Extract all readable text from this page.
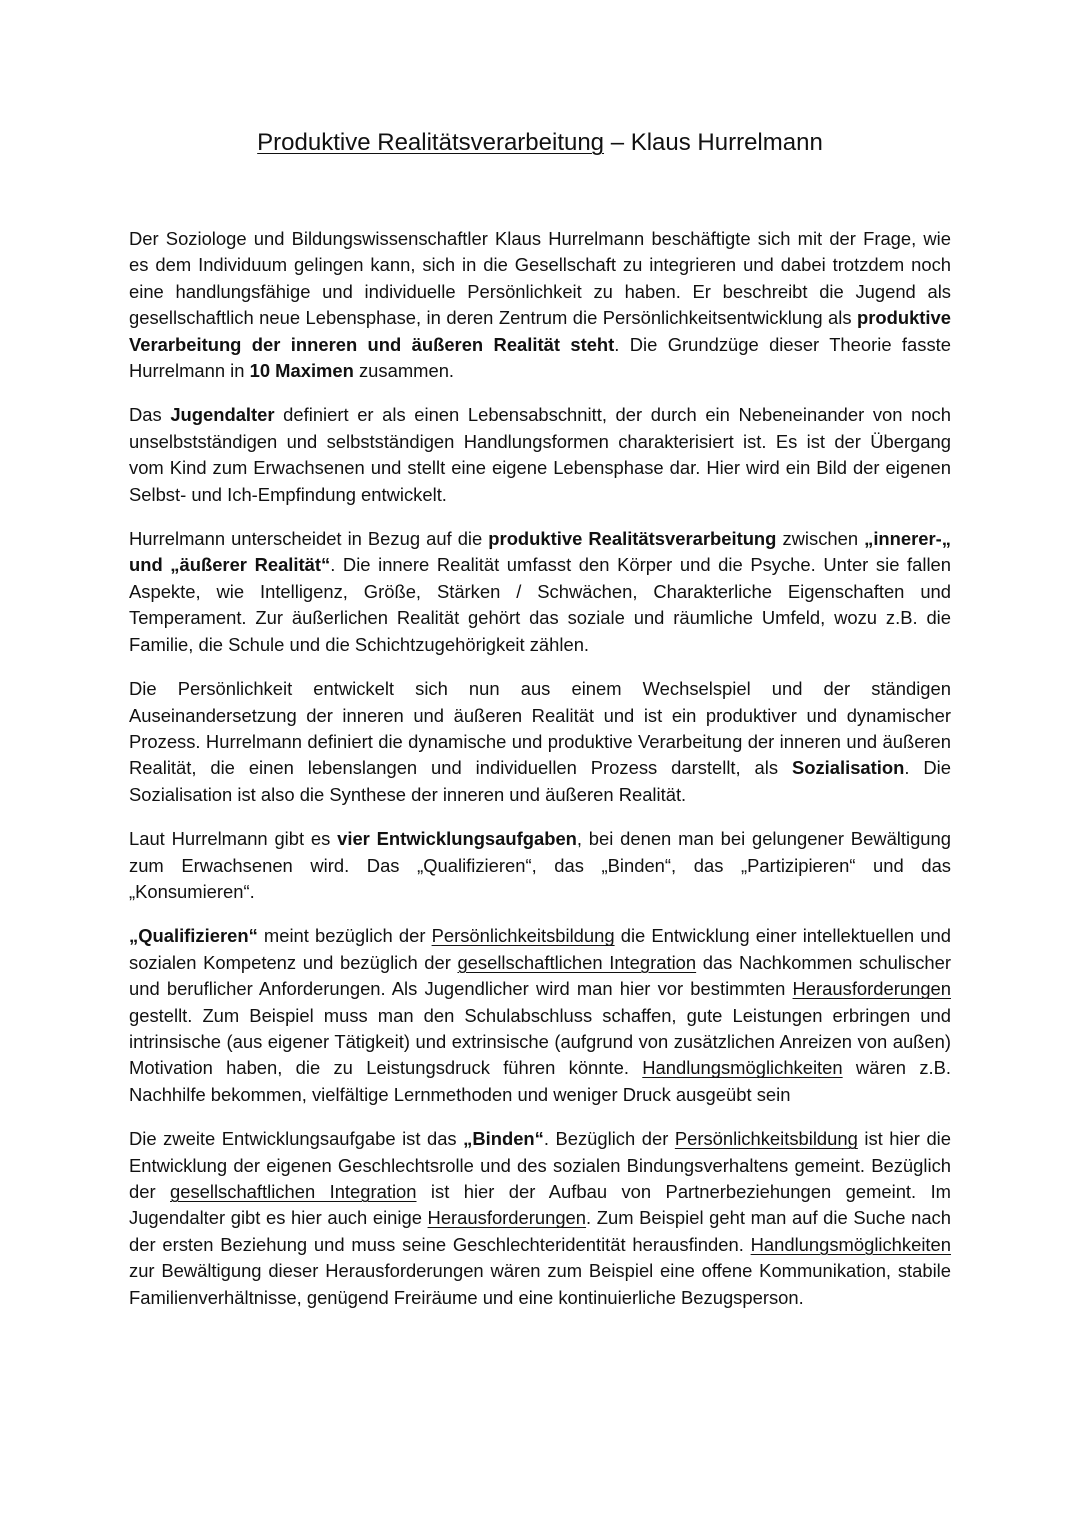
Produktive Realitätsverarbeitung – Klaus Hurrelmann

Der Soziologe und Bildungswissenschaftler Klaus Hurrelmann beschäftigte sich mit der Frage, wie es dem Individuum gelingen kann, sich in die Gesellschaft zu integrieren und dabei trotzdem noch eine handlungsfähige und individuelle Persönlichkeit zu haben. Er beschreibt die Jugend als gesellschaftlich neue Lebensphase, in deren Zentrum die Persönlichkeitsentwicklung als produktive Verarbeitung der inneren und äußeren Realität steht. Die Grundzüge dieser Theorie fasste Hurrelmann in 10 Maximen zusammen.

Das Jugendalter definiert er als einen Lebensabschnitt, der durch ein Nebeneinander von noch unselbstständigen und selbstständigen Handlungsformen charakterisiert ist. Es ist der Übergang vom Kind zum Erwachsenen und stellt eine eigene Lebensphase dar. Hier wird ein Bild der eigenen Selbst- und Ich-Empfindung entwickelt.

Hurrelmann unterscheidet in Bezug auf die produktive Realitätsverarbeitung zwischen „innerer-„ und „äußerer Realität“. Die innere Realität umfasst den Körper und die Psyche. Unter sie fallen Aspekte, wie Intelligenz, Größe, Stärken / Schwächen, Charakterliche Eigenschaften und Temperament. Zur äußerlichen Realität gehört das soziale und räumliche Umfeld, wozu z.B. die Familie, die Schule und die Schichtzugehörigkeit zählen.

Die Persönlichkeit entwickelt sich nun aus einem Wechselspiel und der ständigen Auseinandersetzung der inneren und äußeren Realität und ist ein produktiver und dynamischer Prozess. Hurrelmann definiert die dynamische und produktive Verarbeitung der inneren und äußeren Realität, die einen lebenslangen und individuellen Prozess darstellt, als Sozialisation. Die Sozialisation ist also die Synthese der inneren und äußeren Realität.

Laut Hurrelmann gibt es vier Entwicklungsaufgaben, bei denen man bei gelungener Bewältigung zum Erwachsenen wird. Das „Qualifizieren“, das „Binden“, das „Partizipieren“ und das „Konsumieren“.

„Qualifizieren“ meint bezüglich der Persönlichkeitsbildung die Entwicklung einer intellektuellen und sozialen Kompetenz und bezüglich der gesellschaftlichen Integration das Nachkommen schulischer und beruflicher Anforderungen. Als Jugendlicher wird man hier vor bestimmten Herausforderungen gestellt. Zum Beispiel muss man den Schulabschluss schaffen, gute Leistungen erbringen und intrinsische (aus eigener Tätigkeit) und extrinsische (aufgrund von zusätzlichen Anreizen von außen) Motivation haben, die zu Leistungsdruck führen könnte. Handlungsmöglichkeiten wären z.B. Nachhilfe bekommen, vielfältige Lernmethoden und weniger Druck ausgeübt sein

Die zweite Entwicklungsaufgabe ist das „Binden“. Bezüglich der Persönlichkeitsbildung ist hier die Entwicklung der eigenen Geschlechtsrolle und des sozialen Bindungsverhaltens gemeint. Bezüglich der gesellschaftlichen Integration ist hier der Aufbau von Partnerbeziehungen gemeint. Im Jugendalter gibt es hier auch einige Herausforderungen. Zum Beispiel geht man auf die Suche nach der ersten Beziehung und muss seine Geschlechteridentität herausfinden. Handlungsmöglichkeiten zur Bewältigung dieser Herausforderungen wären zum Beispiel eine offene Kommunikation, stabile Familienverhältnisse, genügend Freiräume und eine kontinuierliche Bezugsperson.
